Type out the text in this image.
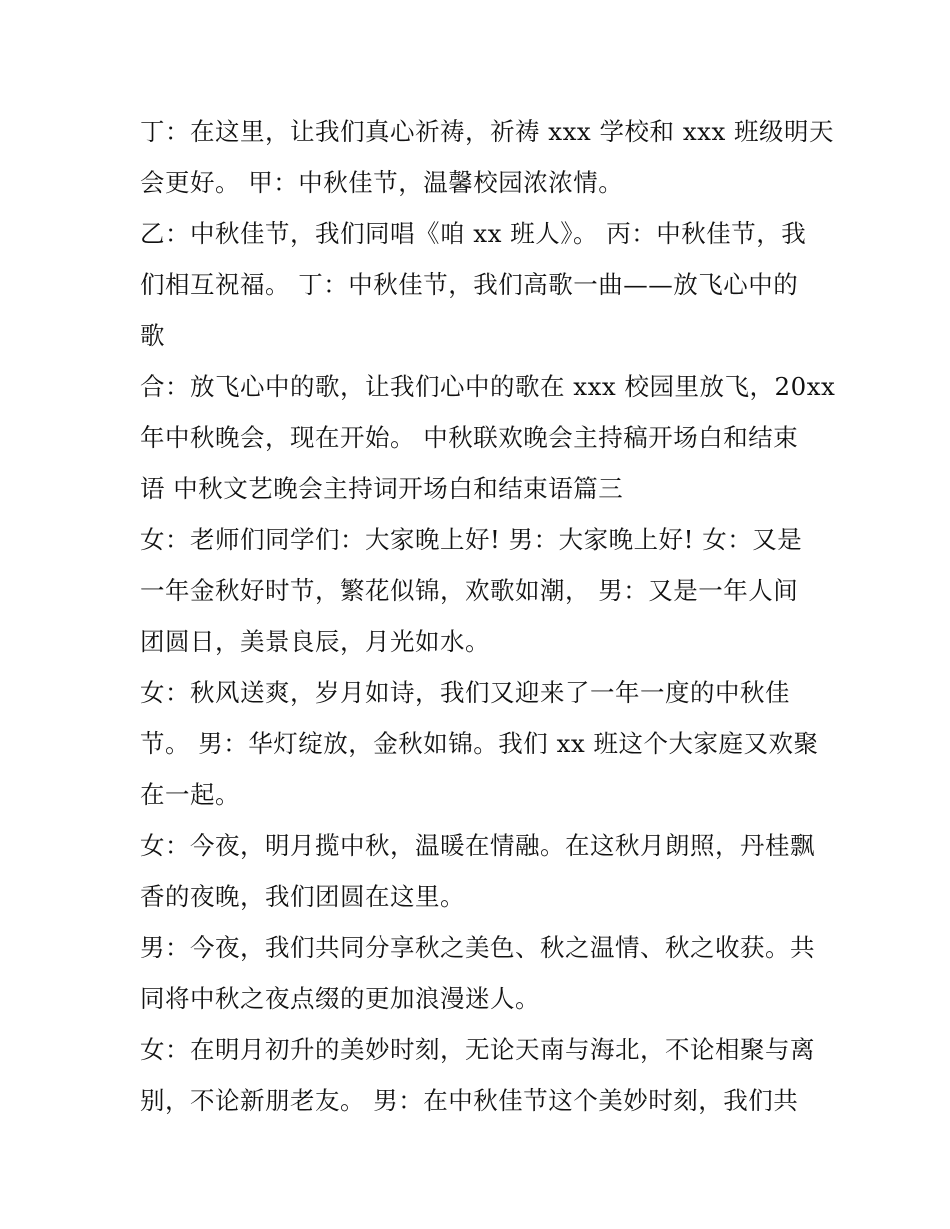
丁：在这里，让我们真心祈祷，祈祷 xxx 学校和 xxx 班级明天
会更好。 甲：中秋佳节，温馨校园浓浓情。

乙：中秋佳节，我们同唱《咱 xx 班人》。 丙：中秋佳节，我
们相互祝福。 丁：中秋佳节，我们高歌一曲——放飞心中的
歌

合：放飞心中的歌，让我们心中的歌在 xxx 校园里放飞，20xx
年中秋晚会，现在开始。 中秋联欢晚会主持稿开场白和结束
语 中秋文艺晚会主持词开场白和结束语篇三

女：老师们同学们：大家晚上好! 男：大家晚上好! 女：又是
一年金秋好时节，繁花似锦，欢歌如潮， 男：又是一年人间
团圆日，美景良辰，月光如水。

女：秋风送爽，岁月如诗，我们又迎来了一年一度的中秋佳
节。 男：华灯绽放，金秋如锦。我们 xx 班这个大家庭又欢聚
在一起。

女：今夜，明月揽中秋，温暖在情融。在这秋月朗照，丹桂飘
香的夜晚，我们团圆在这里。

男：今夜，我们共同分享秋之美色、秋之温情、秋之收获。共
同将中秋之夜点缀的更加浪漫迷人。

女：在明月初升的美妙时刻，无论天南与海北，不论相聚与离
别，不论新朋老友。 男：在中秋佳节这个美妙时刻，我们共
